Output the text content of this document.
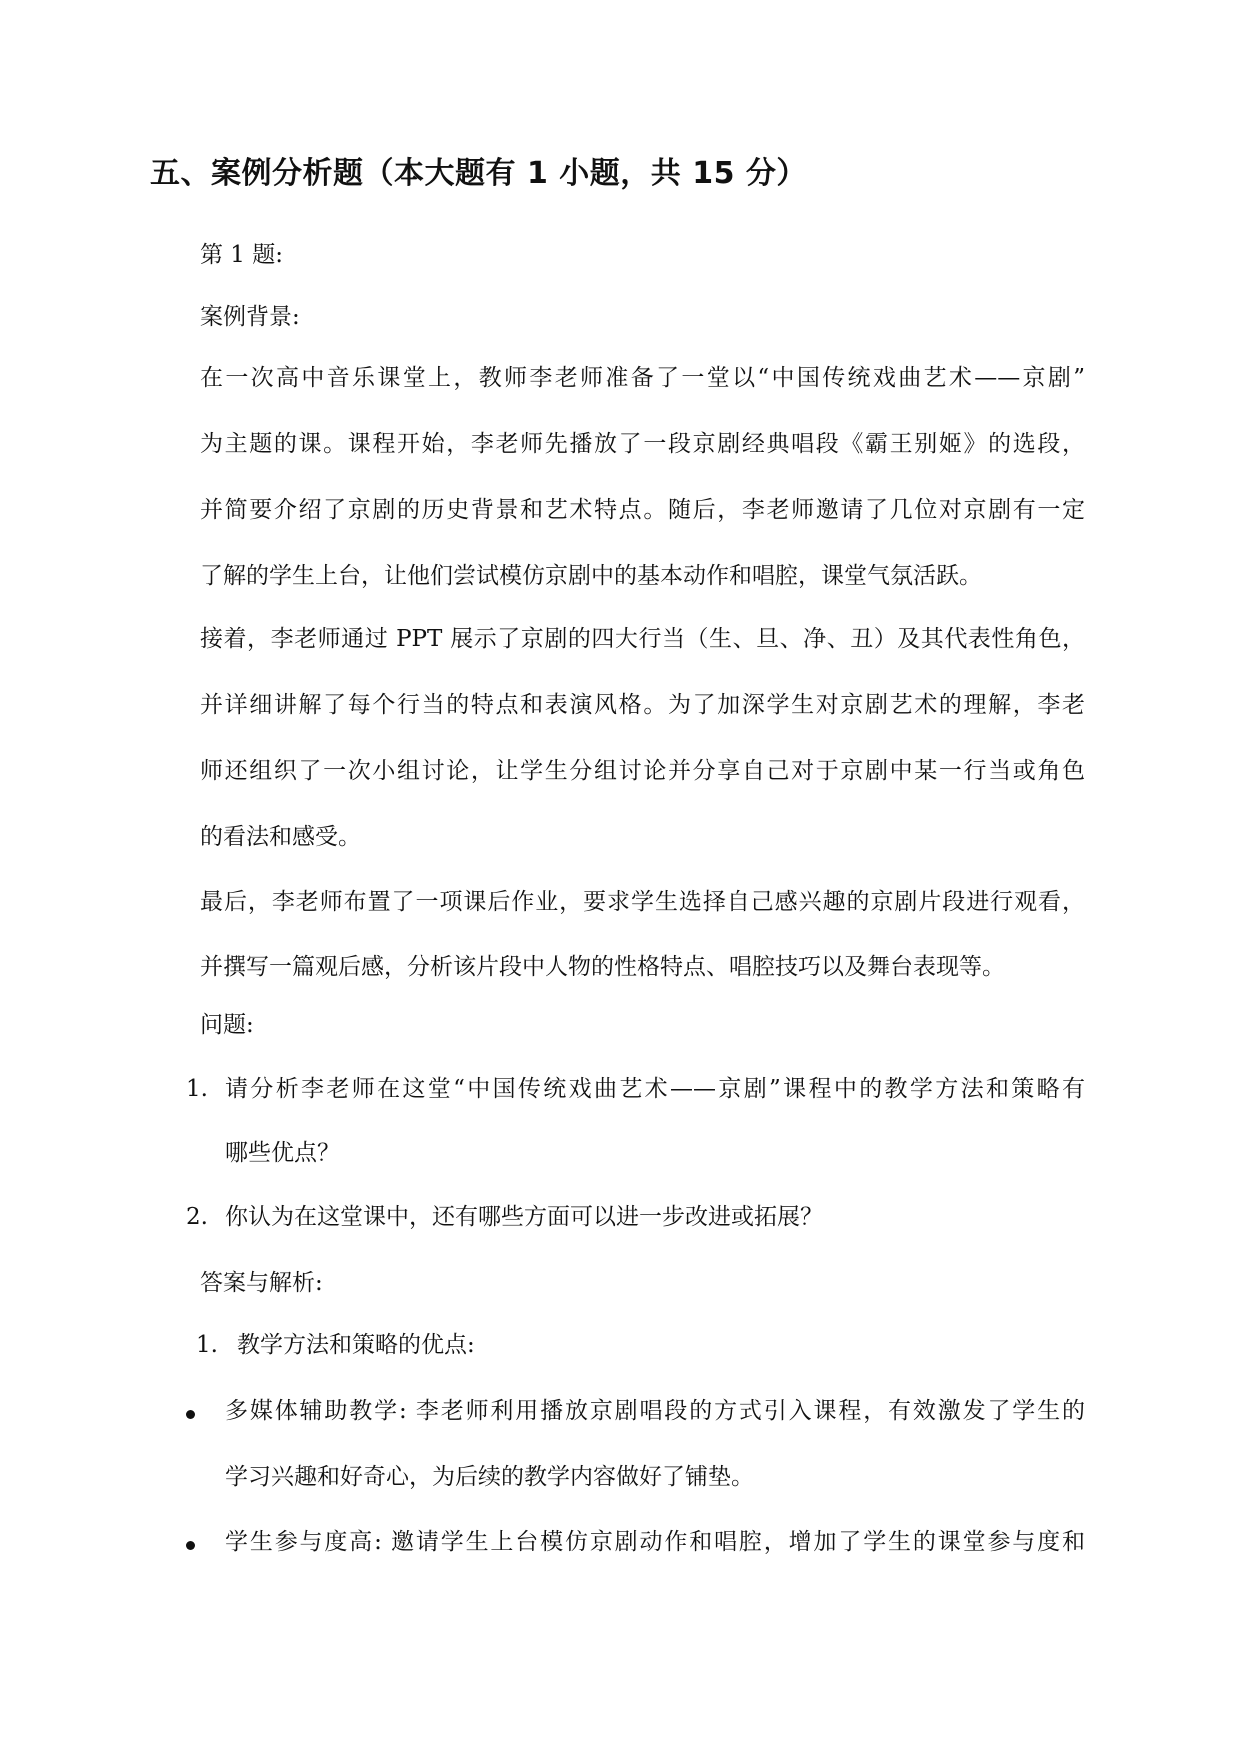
五、案例分析题（本大题有 1 小题，共 15 分）
第 1 题:
案例背景:
在一次高中音乐课堂上，教师李老师准备了一堂以“中国传统戏曲艺术——京剧”
为主题的课。课程开始，李老师先播放了一段京剧经典唱段《霸王别姬》的选段，
并简要介绍了京剧的历史背景和艺术特点。随后，李老师邀请了几位对京剧有一定
了解的学生上台，让他们尝试模仿京剧中的基本动作和唱腔，课堂气氛活跃。
接着，李老师通过 PPT 展示了京剧的四大行当（生、旦、净、丑）及其代表性角色，
并详细讲解了每个行当的特点和表演风格。为了加深学生对京剧艺术的理解，李老
师还组织了一次小组讨论，让学生分组讨论并分享自己对于京剧中某一行当或角色
的看法和感受。
最后，李老师布置了一项课后作业，要求学生选择自己感兴趣的京剧片段进行观看，
并撰写一篇观后感，分析该片段中人物的性格特点、唱腔技巧以及舞台表现等。
问题:
1. 请分析李老师在这堂“中国传统戏曲艺术——京剧”课程中的教学方法和策略有
哪些优点？
2. 你认为在这堂课中，还有哪些方面可以进一步改进或拓展？
答案与解析:
1. 教学方法和策略的优点:
多媒体辅助教学: 李老师利用播放京剧唱段的方式引入课程，有效激发了学生的
学习兴趣和好奇心，为后续的教学内容做好了铺垫。
学生参与度高: 邀请学生上台模仿京剧动作和唱腔，增加了学生的课堂参与度和
